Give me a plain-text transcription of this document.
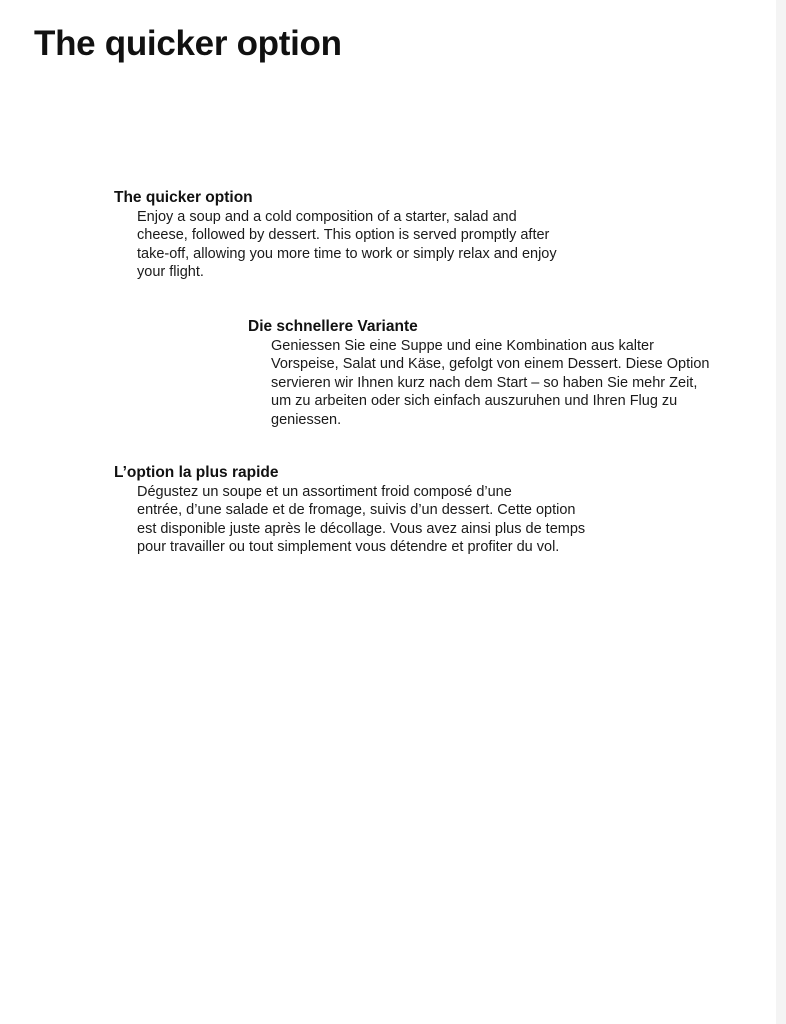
The quicker option
The quicker option

Enjoy a soup and a cold composition of a starter, salad and
cheese, followed by dessert. This option is served promptly after
take-off, allowing you more time to work or simply relax and enjoy
your flight.

Die schnellere Variante

Geniessen Sie eine Suppe und eine Kombination aus kalter
Vorspeise, Salat und Käse, gefolgt von einem Dessert. Diese Option
servieren wir Ihnen kurz nach dem Start – so haben Sie mehr Zeit,
um zu arbeiten oder sich einfach auszuruhen und Ihren Flug zu
geniessen.

L’option la plus rapide

Dégustez un soupe et un assortiment froid composé d’une
entrée, d’une salade et de fromage, suivis d’un dessert. Cette option
est disponible juste après le décollage. Vous avez ainsi plus de temps
pour travailler ou tout simplement vous détendre et profiter du vol.
